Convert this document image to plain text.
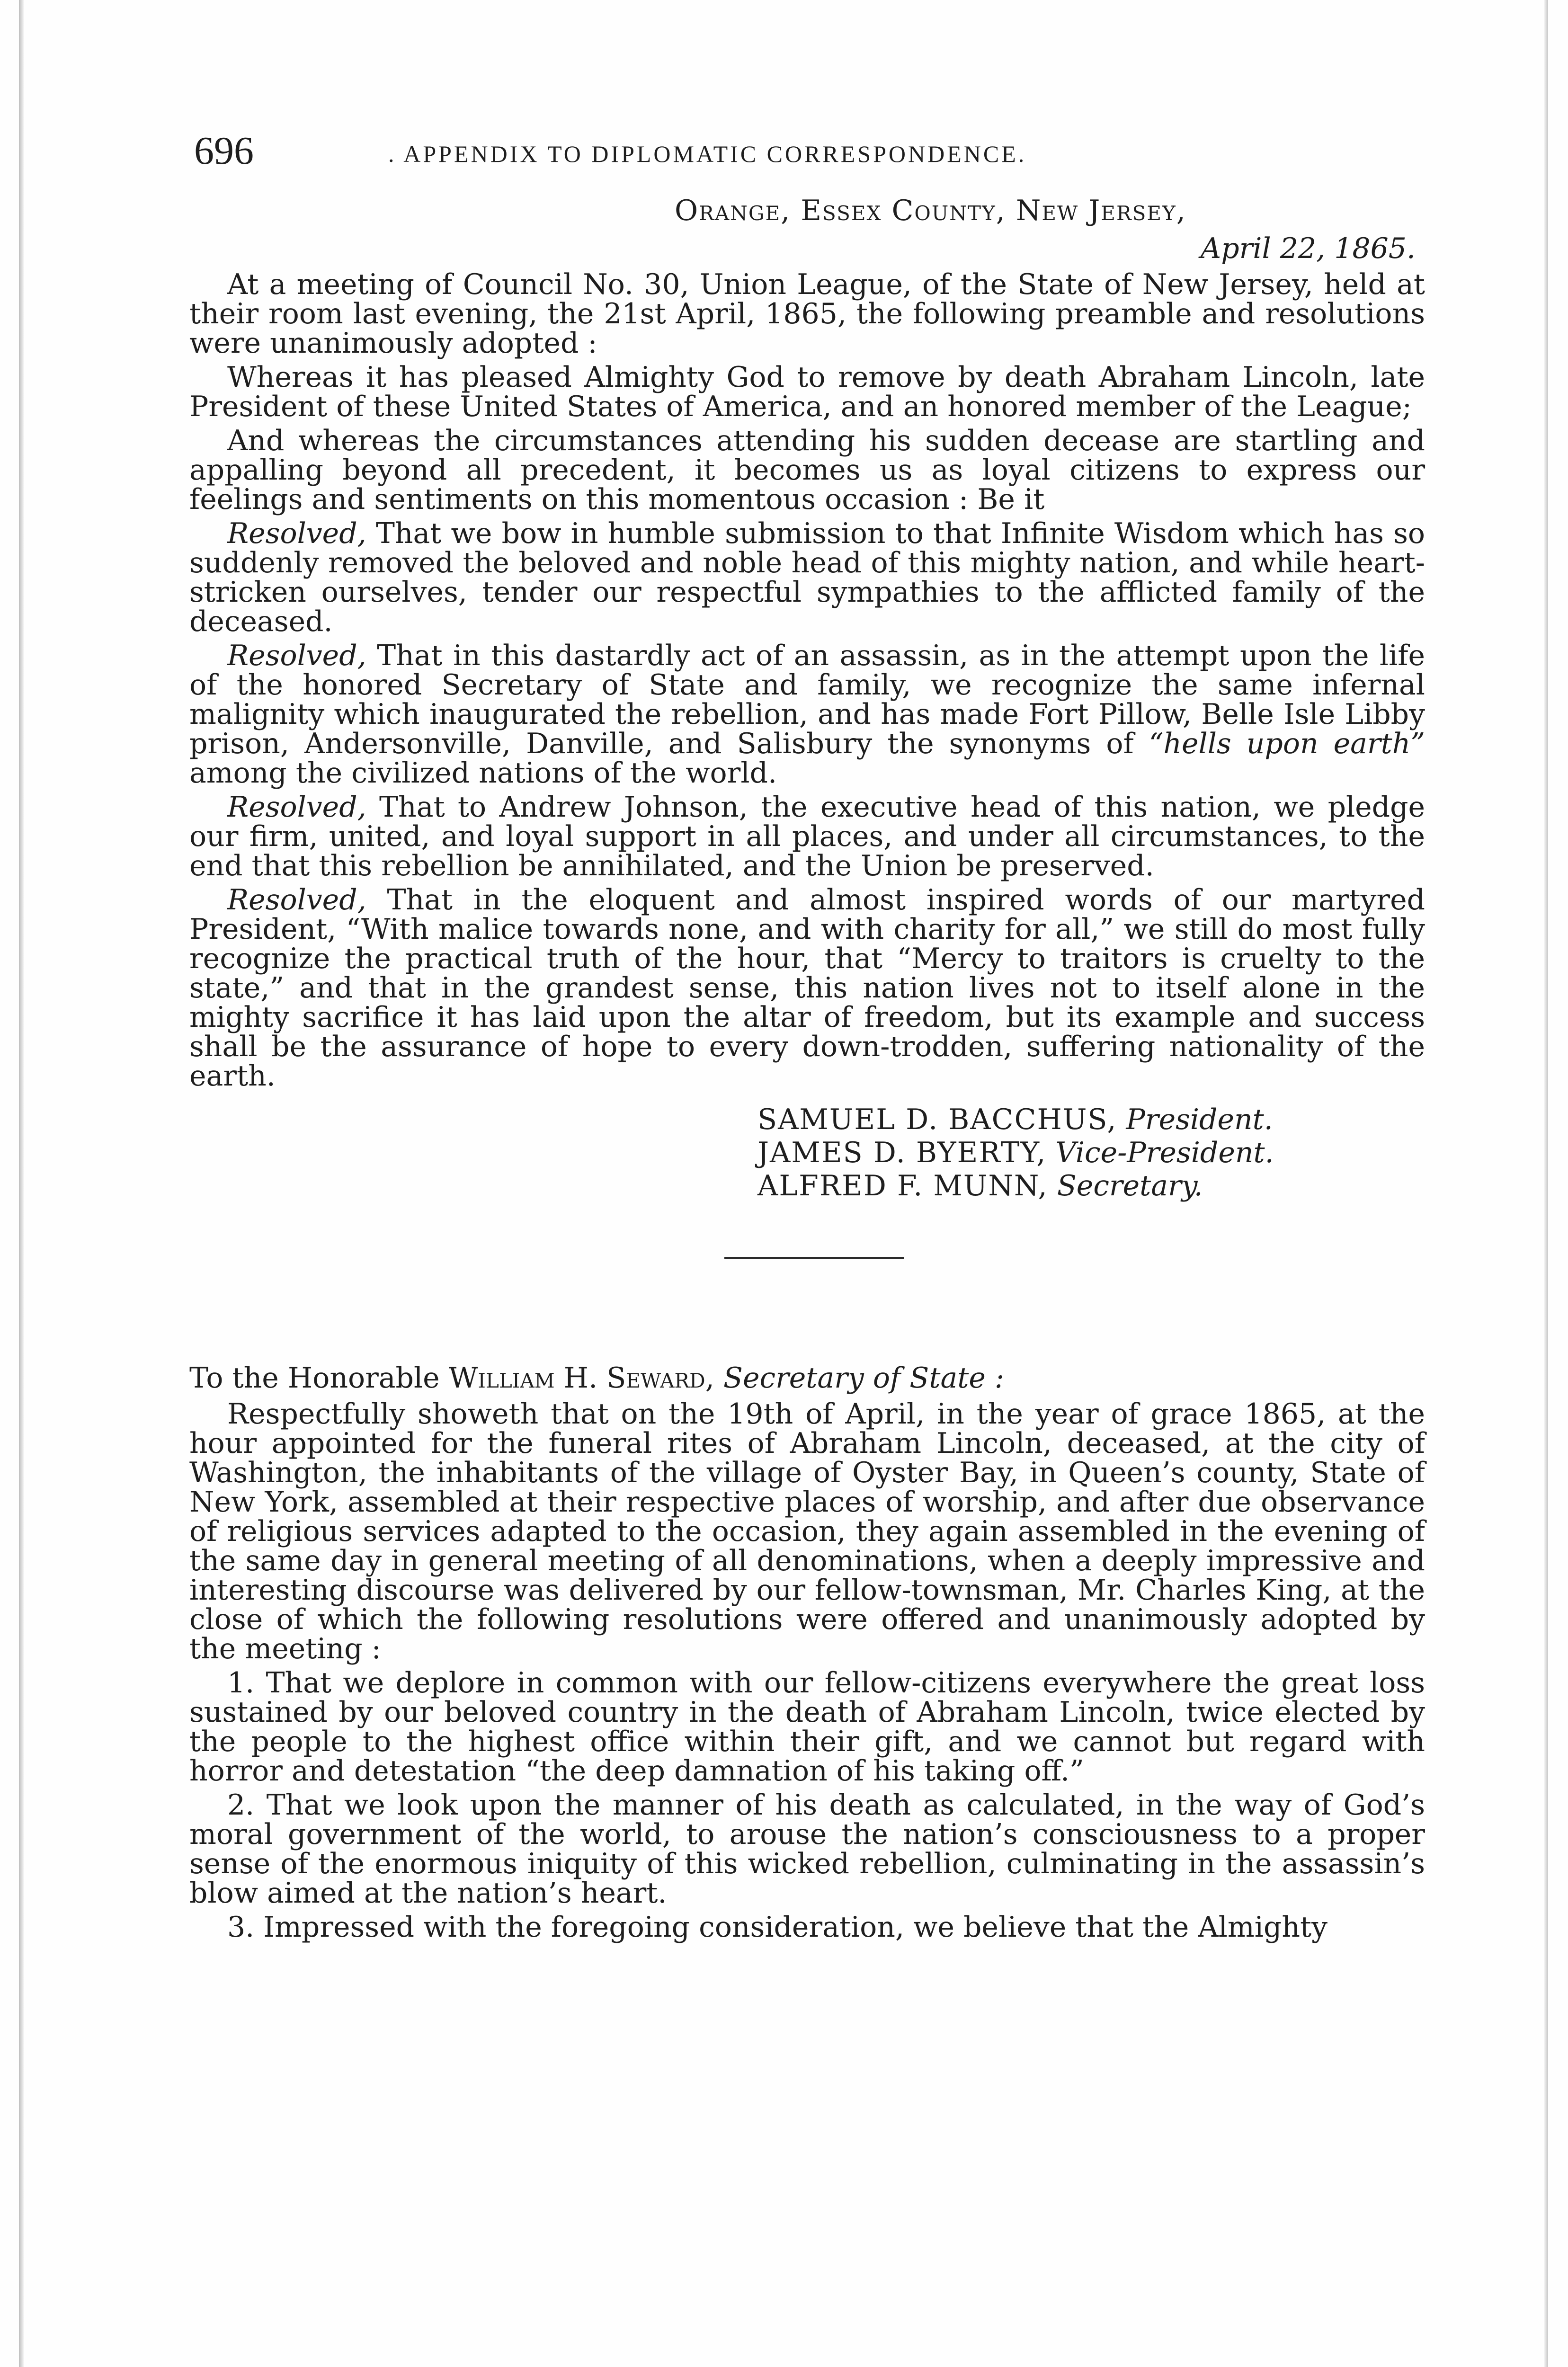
696	. APPENDIX TO DIPLOMATIC CORRESPONDENCE.
Orange, Essex County, New Jersey,
April 22, 1865.

At a meeting of Council No. 30, Union League, of the State of New Jersey, held at their room last evening, the 21st April, 1865, the following preamble and resolutions were unanimously adopted :

Whereas it has pleased Almighty God to remove by death Abraham Lincoln, late President of these United States of America, and an honored member of the League;

And whereas the circumstances attending his sudden decease are startling and appalling beyond all precedent, it becomes us as loyal citizens to express our feelings and sentiments on this momentous occasion : Be it

Resolved, That we bow in humble submission to that Infinite Wisdom which has so suddenly removed the beloved and noble head of this mighty nation, and while heart-stricken ourselves, tender our respectful sympathies to the afflicted family of the deceased.

Resolved, That in this dastardly act of an assassin, as in the attempt upon the life of the honored Secretary of State and family, we recognize the same infernal malignity which inaugurated the rebellion, and has made Fort Pillow, Belle Isle Libby prison, Andersonville, Danville, and Salisbury the synonyms of “hells upon earth” among the civilized nations of the world.

Resolved, That to Andrew Johnson, the executive head of this nation, we pledge our firm, united, and loyal support in all places, and under all circumstances, to the end that this rebellion be annihilated, and the Union be preserved.

Resolved, That in the eloquent and almost inspired words of our martyred President, “With malice towards none, and with charity for all,” we still do most fully recognize the practical truth of the hour, that “Mercy to traitors is cruelty to the state,” and that in the grandest sense, this nation lives not to itself alone in the mighty sacrifice it has laid upon the altar of freedom, but its example and success shall be the assurance of hope to every down-trodden, suffering nationality of the earth.

SAMUEL D. BACCHUS, President.
JAMES D. BYERTY, Vice-President.
ALFRED F. MUNN, Secretary.
To the Honorable William H. Seward, Secretary of State :

Respectfully showeth that on the 19th of April, in the year of grace 1865, at the hour appointed for the funeral rites of Abraham Lincoln, deceased, at the city of Washington, the inhabitants of the village of Oyster Bay, in Queen’s county, State of New York, assembled at their respective places of worship, and after due observance of religious services adapted to the occasion, they again assembled in the evening of the same day in general meeting of all denominations, when a deeply impressive and interesting discourse was delivered by our fellow-townsman, Mr. Charles King, at the close of which the following resolutions were offered and unanimously adopted by the meeting :

1. That we deplore in common with our fellow-citizens everywhere the great loss sustained by our beloved country in the death of Abraham Lincoln, twice elected by the people to the highest office within their gift, and we cannot but regard with horror and detestation “the deep damnation of his taking off.”

2. That we look upon the manner of his death as calculated, in the way of God’s moral government of the world, to arouse the nation’s consciousness to a proper sense of the enormous iniquity of this wicked rebellion, culminating in the assassin’s blow aimed at the nation’s heart.

3. Impressed with the foregoing consideration, we believe that the Almighty
